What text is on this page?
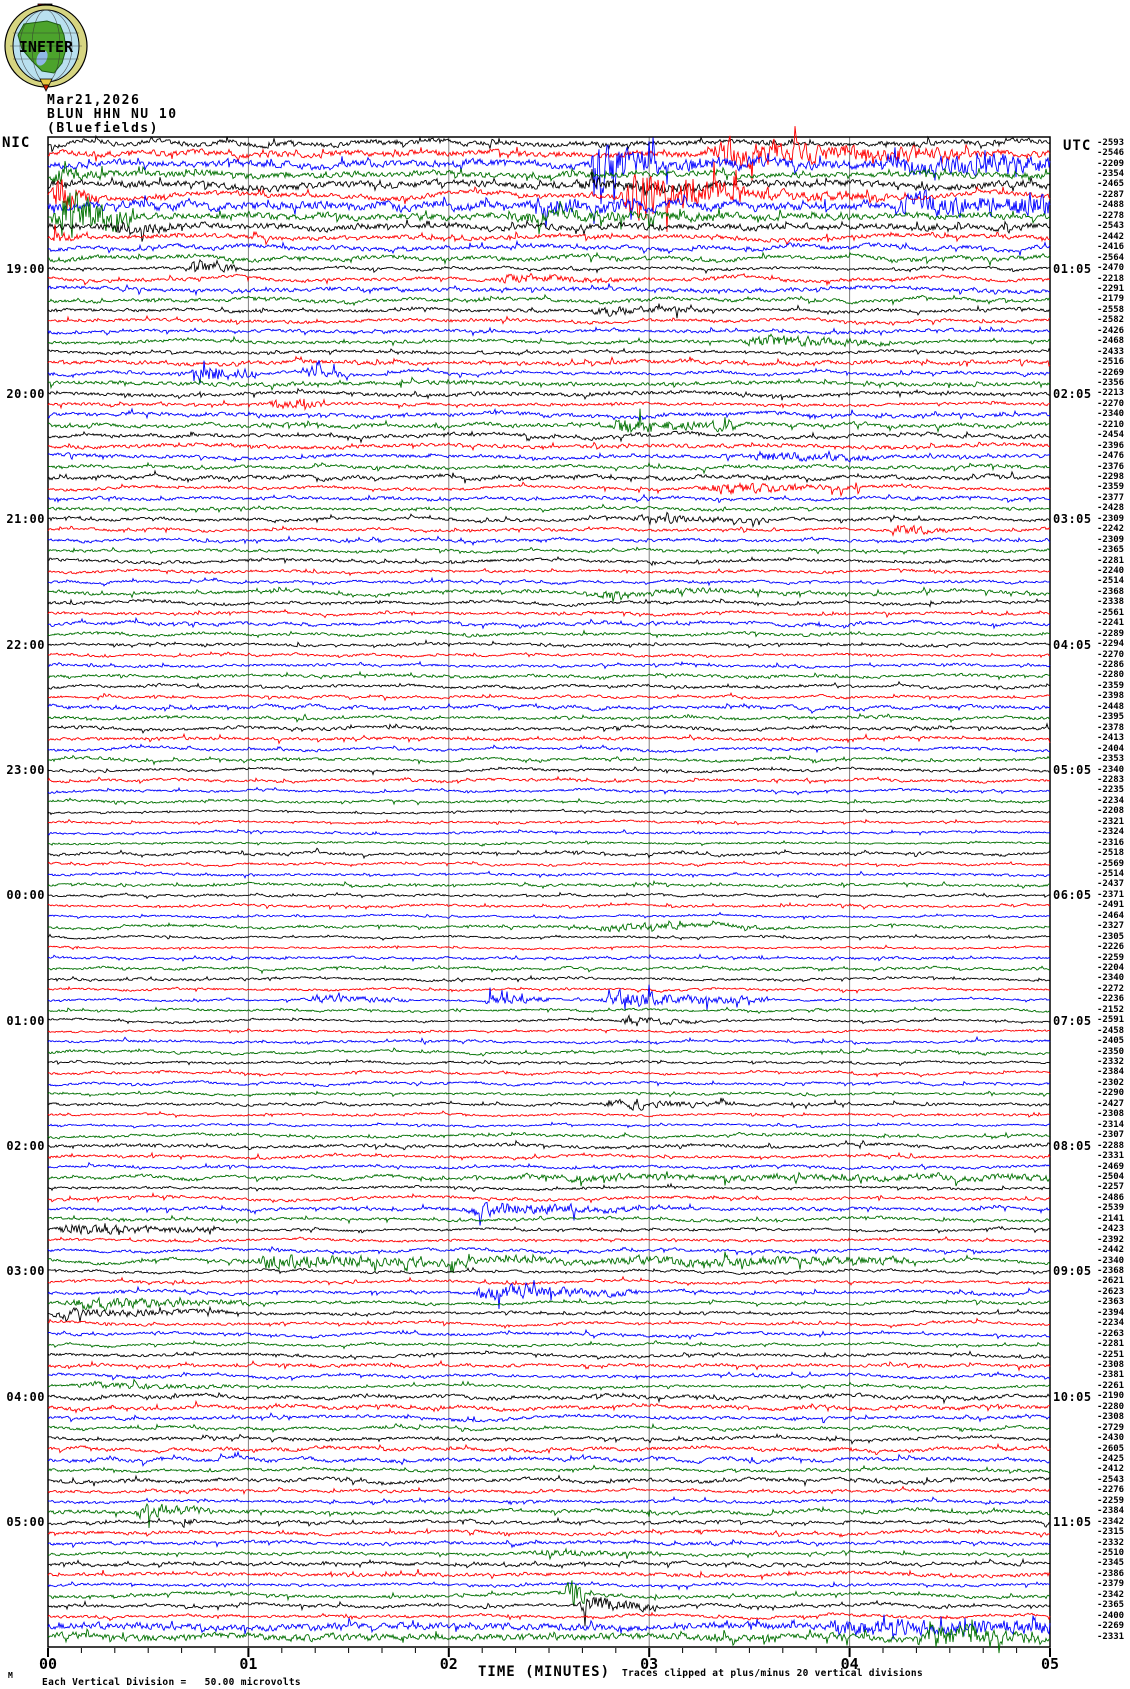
INETER
Mar21,2026
BLUN HHN NU 10
(Bluefields)
NIC	UTC
19:00
20:00
21:00
22:00
23:00
00:00
01:00
02:00
03:00
04:00
05:00
01:05
02:05
03:05
04:05
05:05
06:05
07:05
08:05
09:05
10:05
11:05
-2593
-2546
-2209
-2354
-2465
-2287
-2488
-2278
-2543
-2442
-2416
-2564
-2470
-2218
-2291
-2179
-2558
-2582
-2426
-2468
-2433
-2516
-2269
-2356
-2213
-2270
-2340
-2210
-2454
-2396
-2476
-2376
-2298
-2359
-2377
-2428
-2309
-2242
-2309
-2365
-2281
-2240
-2514
-2368
-2338
-2561
-2241
-2289
-2294
-2270
-2286
-2280
-2359
-2398
-2448
-2395
-2378
-2413
-2404
-2353
-2340
-2283
-2235
-2234
-2208
-2321
-2324
-2316
-2518
-2569
-2514
-2437
-2371
-2491
-2464
-2327
-2305
-2226
-2259
-2204
-2340
-2272
-2236
-2152
-2591
-2458
-2405
-2350
-2332
-2384
-2302
-2290
-2427
-2308
-2314
-2307
-2288
-2331
-2469
-2504
-2257
-2486
-2539
-2141
-2423
-2392
-2442
-2340
-2368
-2621
-2623
-2363
-2394
-2234
-2263
-2281
-2251
-2308
-2381
-2261
-2190
-2280
-2308
-2729
-2430
-2605
-2425
-2412
-2543
-2276
-2259
-2384
-2342
-2315
-2332
-2510
-2345
-2386
-2379
-2342
-2365
-2400
-2269
-2331
00	01	02	03	04	05
M

Each Vertical Division = 50.00 microvolts

TIME (MINUTES) Traces clipped at plus/minus 20 vertical divisions
